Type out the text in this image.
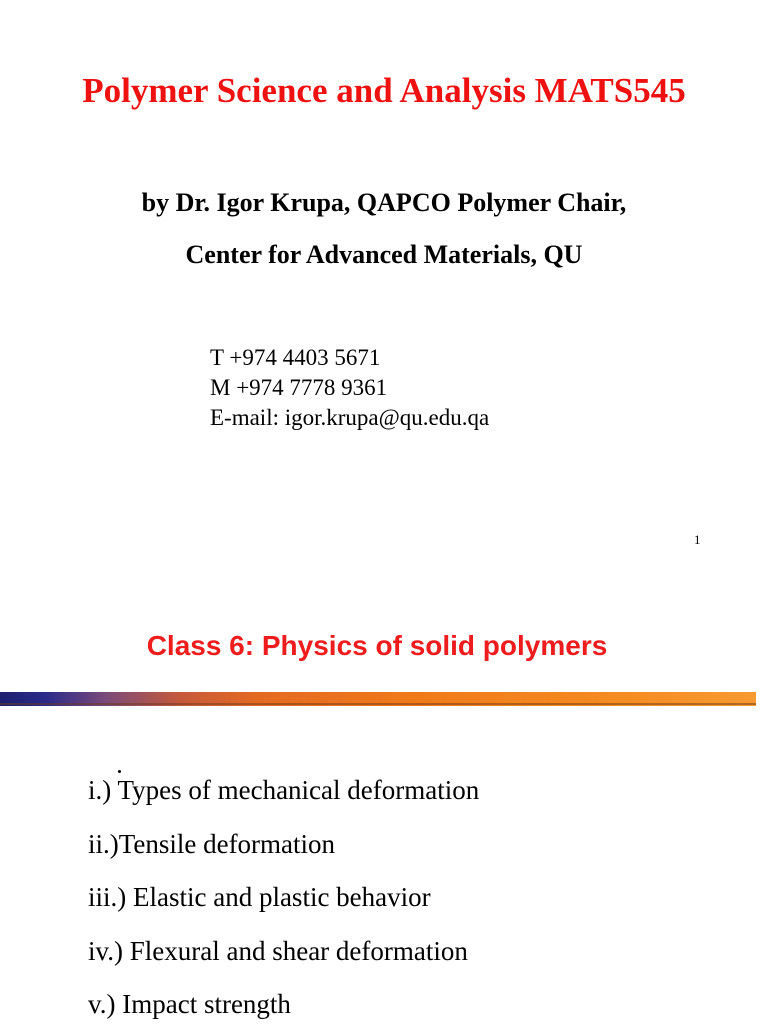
Polymer Science and Analysis MATS545
by Dr. Igor Krupa, QAPCO Polymer Chair,
Center for Advanced Materials, QU
T +974 4403 5671
M +974 7778 9361
E-mail: igor.krupa@qu.edu.qa
1
Class 6: Physics of solid polymers
i.) Types of mechanical deformation
ii.)Tensile deformation
iii.) Elastic and plastic behavior
iv.) Flexural and shear deformation
v.) Impact strength
